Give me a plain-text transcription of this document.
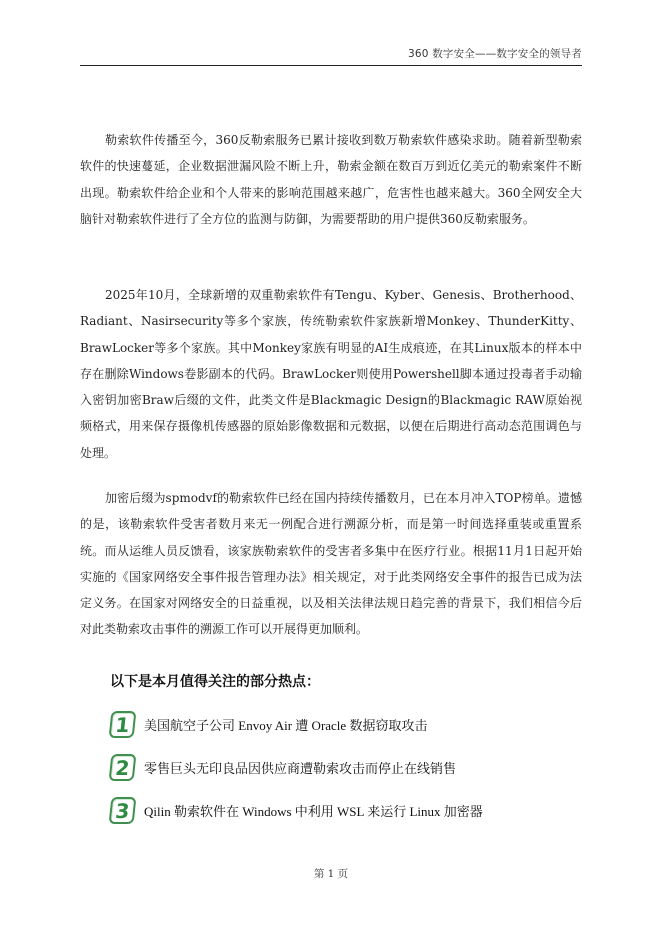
360 数字安全——数字安全的领导者

勒索软件传播至今，360反勒索服务已累计接收到数万勒索软件感染求助。随着新型勒索软件的快速蔓延，企业数据泄漏风险不断上升，勒索金额在数百万到近亿美元的勒索案件不断出现。勒索软件给企业和个人带来的影响范围越来越广，危害性也越来越大。360全网安全大脑针对勒索软件进行了全方位的监测与防御，为需要帮助的用户提供360反勒索服务。

2025年10月，全球新增的双重勒索软件有Tengu、Kyber、Genesis、Brotherhood、Radiant、Nasirsecurity等多个家族，传统勒索软件家族新增Monkey、ThunderKitty、BrawLocker等多个家族。其中Monkey家族有明显的AI生成痕迹，在其Linux版本的样本中存在删除Windows卷影副本的代码。BrawLocker则使用Powershell脚本通过投毒者手动输入密钥加密Braw后缀的文件，此类文件是Blackmagic Design的Blackmagic RAW原始视频格式，用来保存摄像机传感器的原始影像数据和元数据，以便在后期进行高动态范围调色与处理。

加密后缀为spmodvf的勒索软件已经在国内持续传播数月，已在本月冲入TOP榜单。遗憾的是，该勒索软件受害者数月来无一例配合进行溯源分析，而是第一时间选择重装或重置系统。而从运维人员反馈看，该家族勒索软件的受害者多集中在医疗行业。根据11月1日起开始实施的《国家网络安全事件报告管理办法》相关规定，对于此类网络安全事件的报告已成为法定义务。在国家对网络安全的日益重视，以及相关法律法规日趋完善的背景下，我们相信今后对此类勒索攻击事件的溯源工作可以开展得更加顺利。

以下是本月值得关注的部分热点：
1 美国航空子公司 Envoy Air 遭 Oracle 数据窃取攻击
2 零售巨头无印良品因供应商遭勒索攻击而停止在线销售
3 Qilin 勒索软件在 Windows 中利用 WSL 来运行 Linux 加密器
第 1 页
